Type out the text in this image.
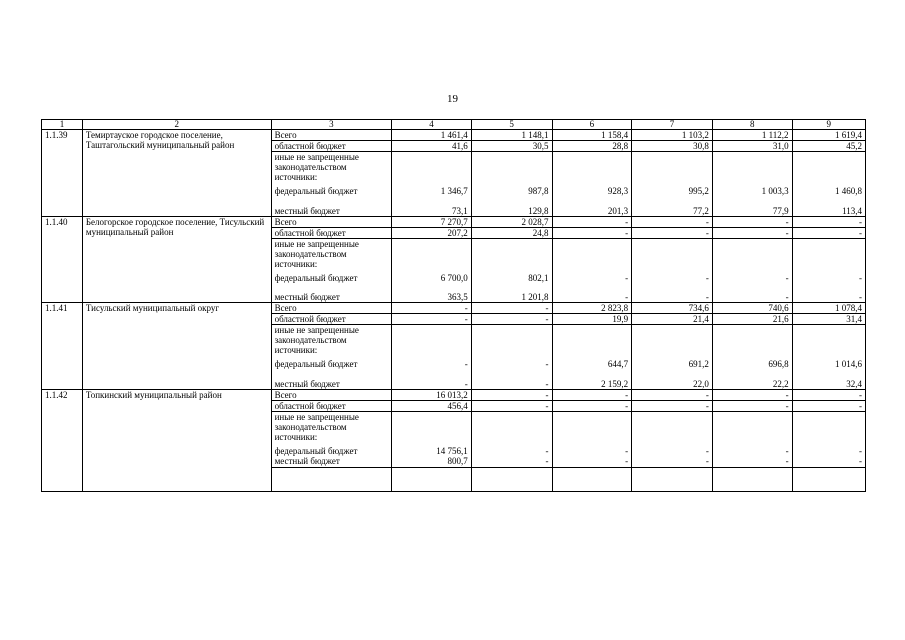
19
1	2	3	4	5	6	7	8	9
1.1.39	Темиртауское городское поселение, Таштагольский муниципальный район	Всего	1 461,4	1 148,1	1 158,4	1 103,2	1 112,2	1 619,4
		областной бюджет	41,6	30,5	28,8	30,8	31,0	45,2
		иные не запрещенные законодательством источники:						
		федеральный бюджет	1 346,7	987,8	928,3	995,2	1 003,3	1 460,8
		местный бюджет	73,1	129,8	201,3	77,2	77,9	113,4
1.1.40	Белогорское городское поселение, Тисульский муниципальный район	Всего	7 270,7	2 028,7	-	-	-	-
		областной бюджет	207,2	24,8	-	-	-	-
		иные не запрещенные законодательством источники:						
		федеральный бюджет	6 700,0	802,1	-	-	-	-
		местный бюджет	363,5	1 201,8	-	-	-	-
1.1.41	Тисульский муниципальный округ	Всего	-	-	2 823,8	734,6	740,6	1 078,4
		областной бюджет	-	-	19,9	21,4	21,6	31,4
		иные не запрещенные законодательством источники:						
		федеральный бюджет	-	-	644,7	691,2	696,8	1 014,6
		местный бюджет	-	-	2 159,2	22,0	22,2	32,4
1.1.42	Топкинский муниципальный район	Всего	16 013,2	-	-	-	-	-
		областной бюджет	456,4	-	-	-	-	-
		иные не запрещенные законодательством источники:						
		федеральный бюджет	14 756,1	-	-	-	-	-
		местный бюджет	800,7	-	-	-	-	-
